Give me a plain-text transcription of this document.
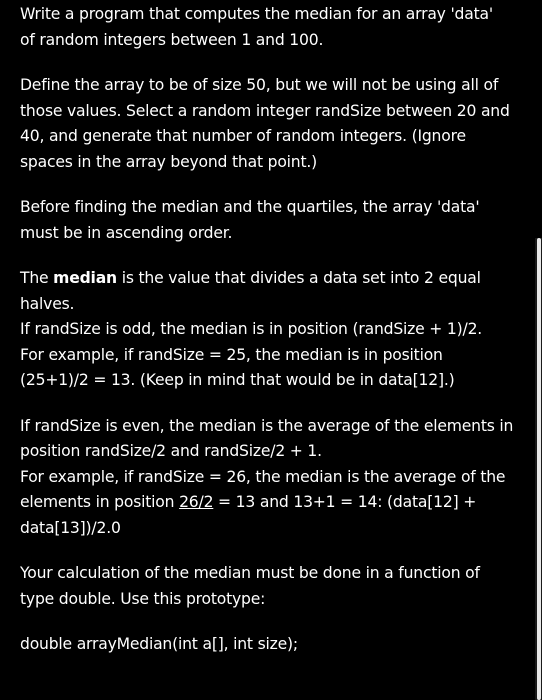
Write a program that computes the median for an array 'data'
of random integers between 1 and 100.

Define the array to be of size 50, but we will not be using all of
those values. Select a random integer randSize between 20 and
40, and generate that number of random integers. (Ignore
spaces in the array beyond that point.)

Before finding the median and the quartiles, the array 'data'
must be in ascending order.

The median is the value that divides a data set into 2 equal
halves.
If randSize is odd, the median is in position (randSize + 1)/2.
For example, if randSize = 25, the median is in position
(25+1)/2 = 13. (Keep in mind that would be in data[12].)

If randSize is even, the median is the average of the elements in
position randSize/2 and randSize/2 + 1.
For example, if randSize = 26, the median is the average of the
elements in position 26/2 = 13 and 13+1 = 14: (data[12] +
data[13])/2.0

Your calculation of the median must be done in a function of
type double. Use this prototype:

double arrayMedian(int a[], int size);
